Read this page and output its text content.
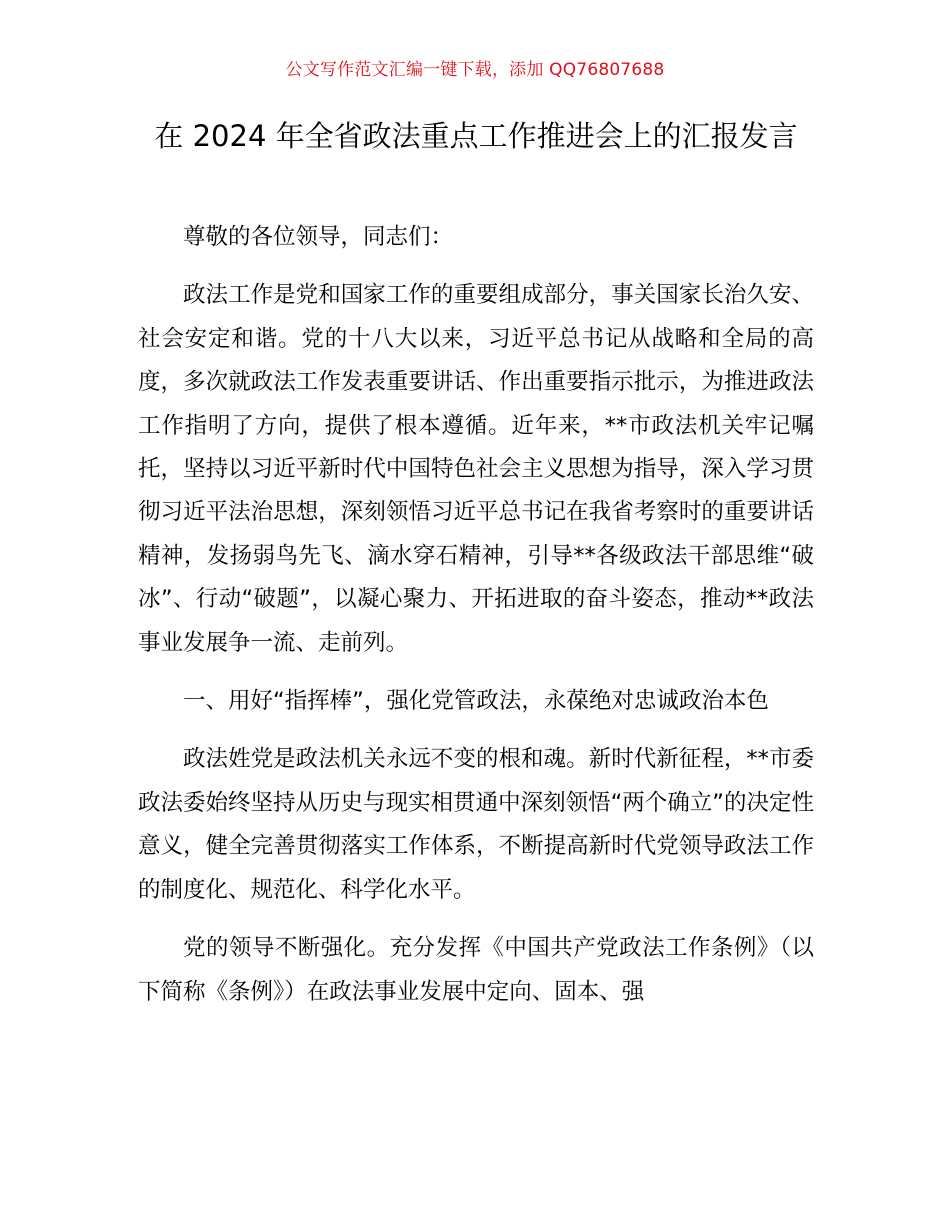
公文写作范文汇编一键下载，添加 QQ76807688
在 2024 年全省政法重点工作推进会上的汇报发言

尊敬的各位领导，同志们：

政法工作是党和国家工作的重要组成部分，事关国家长治久安、社会安定和谐。党的十八大以来，习近平总书记从战略和全局的高度，多次就政法工作发表重要讲话、作出重要指示批示，为推进政法工作指明了方向，提供了根本遵循。近年来，**市政法机关牢记嘱托，坚持以习近平新时代中国特色社会主义思想为指导，深入学习贯彻习近平法治思想，深刻领悟习近平总书记在我省考察时的重要讲话精神，发扬弱鸟先飞、滴水穿石精神，引导**各级政法干部思维“破冰”、行动“破题”，以凝心聚力、开拓进取的奋斗姿态，推动**政法事业发展争一流、走前列。

一、用好“指挥棒”，强化党管政法，永葆绝对忠诚政治本色

政法姓党是政法机关永远不变的根和魂。新时代新征程，**市委政法委始终坚持从历史与现实相贯通中深刻领悟“两个确立”的决定性意义，健全完善贯彻落实工作体系，不断提高新时代党领导政法工作的制度化、规范化、科学化水平。

党的领导不断强化。充分发挥《中国共产党政法工作条例》（以下简称《条例》）在政法事业发展中定向、固本、强
